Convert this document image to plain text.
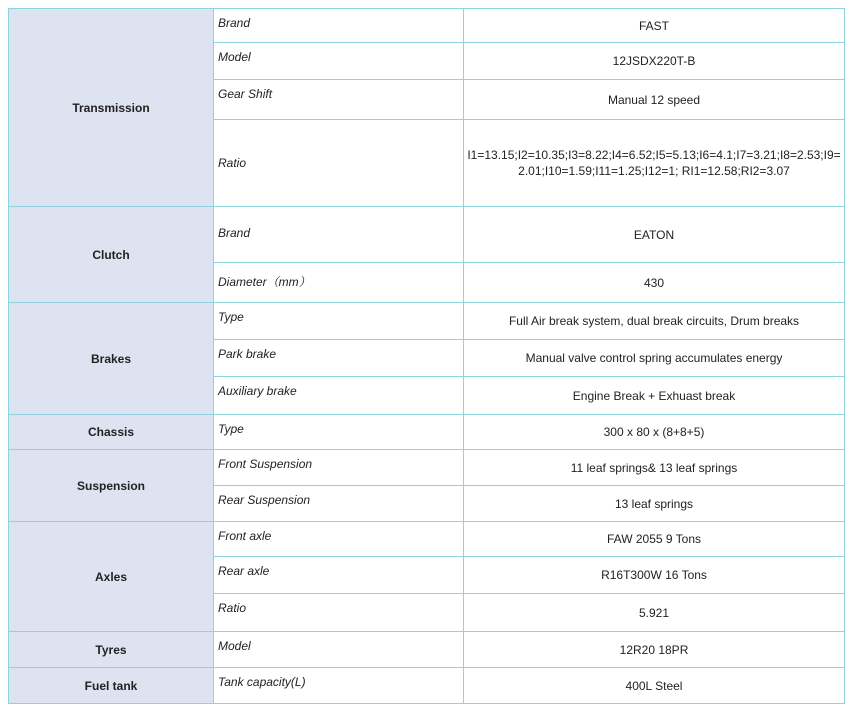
Transmission	Brand	FAST

	Model	12JSDX220T-B

	Gear Shift	Manual 12 speed

	Ratio	I1=13.15;I2=10.35;I3=8.22;I4=6.52;I5=5.13;I6=4.1;I7=3.21;I8=2.53;I9=2.01;I10=1.59;I11=1.25;I12=1; RI1=12.58;RI2=3.07

Clutch	Brand	EATON

	Diameter（mm）	430

Brakes	Type	Full Air break system, dual break circuits, Drum breaks

	Park brake	Manual valve control spring accumulates energy

	Auxiliary brake	Engine Break + Exhuast break

Chassis	Type	300 x 80 x (8+8+5)

Suspension	Front Suspension	11 leaf springs& 13 leaf springs

	Rear Suspension	13 leaf springs

Axles	Front axle	FAW 2055 9 Tons

	Rear axle	R16T300W 16 Tons

	Ratio	5.921

Tyres	Model	12R20 18PR

Fuel tank	Tank capacity(L)	400L Steel
